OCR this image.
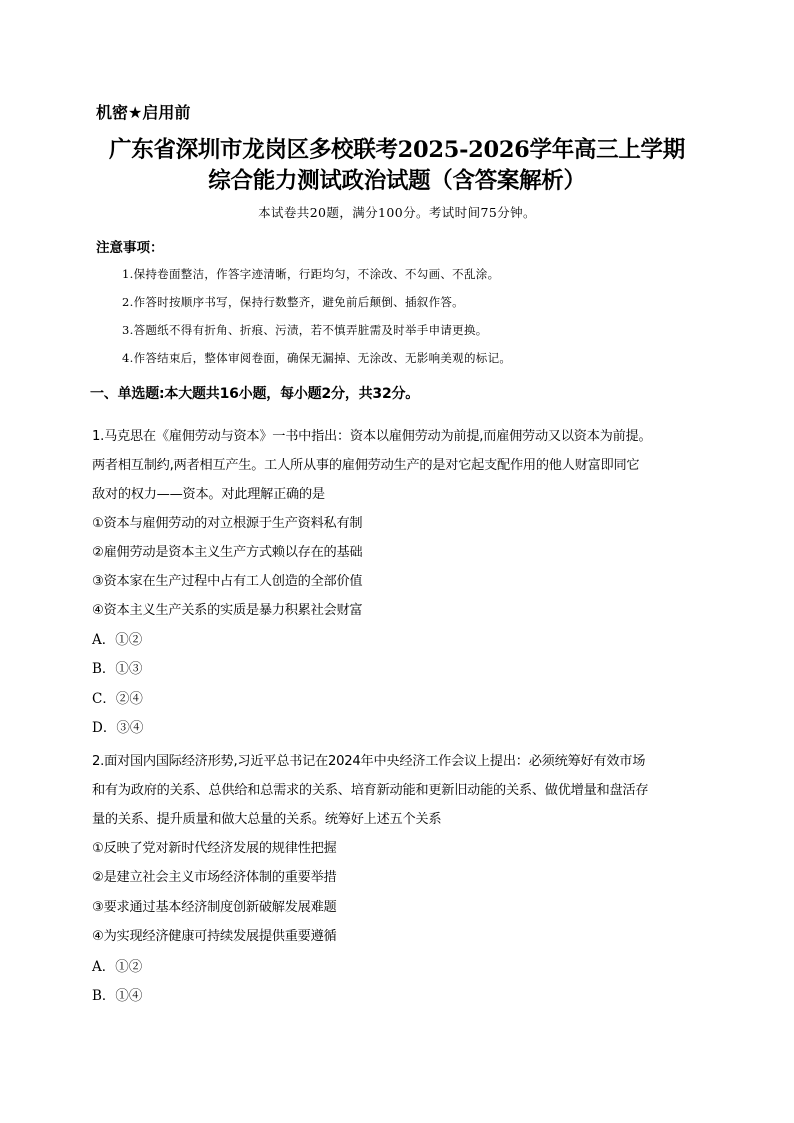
机密★启用前
广东省深圳市龙岗区多校联考2025-2026学年高三上学期
综合能力测试政治试题（含答案解析）
本试卷共20题，满分100分。考试时间75分钟。
注意事项：
1.保持卷面整洁，作答字迹清晰，行距均匀，不涂改、不勾画、不乱涂。
2.作答时按顺序书写，保持行数整齐，避免前后颠倒、插叙作答。
3.答题纸不得有折角、折痕、污渍，若不慎弄脏需及时举手申请更换。
4.作答结束后，整体审阅卷面，确保无漏掉、无涂改、无影响美观的标记。
一、单选题:本大题共16小题，每小题2分，共32分。
1.马克思在《雇佣劳动与资本》一书中指出：资本以雇佣劳动为前提,而雇佣劳动又以资本为前提。
两者相互制约,两者相互产生。工人所从事的雇佣劳动生产的是对它起支配作用的他人财富即同它
敌对的权力——资本。对此理解正确的是
①资本与雇佣劳动的对立根源于生产资料私有制
②雇佣劳动是资本主义生产方式赖以存在的基础
③资本家在生产过程中占有工人创造的全部价值
④资本主义生产关系的实质是暴力积累社会财富
A．①②
B．①③
C．②④
D．③④
2.面对国内国际经济形势,习近平总书记在2024年中央经济工作会议上提出：必须统筹好有效市场
和有为政府的关系、总供给和总需求的关系、培育新动能和更新旧动能的关系、做优增量和盘活存
量的关系、提升质量和做大总量的关系。统筹好上述五个关系
①反映了党对新时代经济发展的规律性把握
②是建立社会主义市场经济体制的重要举措
③要求通过基本经济制度创新破解发展难题
④为实现经济健康可持续发展提供重要遵循
A．①②
B．①④
